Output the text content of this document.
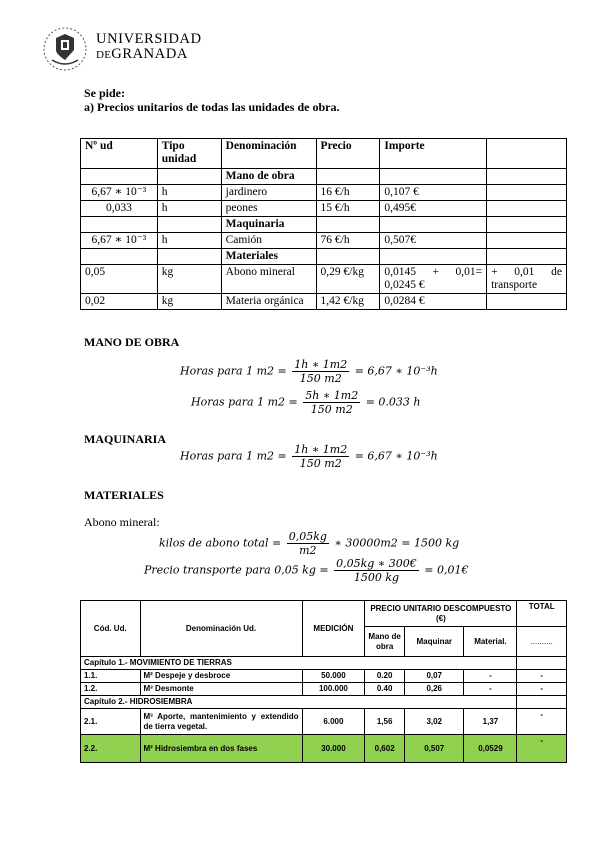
UNIVERSIDAD
DEGRANADA
Se pide:
a) Precios unitarios de todas las unidades de obra.
Nº ud	Tipo unidad	Denominación	Precio	Importe	
		Mano de obra			
6,67 ∗ 10⁻³	h	jardinero	16 €/h	0,107 €	
0,033	h	peones	15 €/h	0,495€	
		Maquinaria			
6,67 ∗ 10⁻³	h	Camión	76 €/h	0,507€	
		Materiales			
0,05	kg	Abono mineral	0,29 €/kg	0,0145 + 0,01= 0,0245 €	+ 0,01 de transporte
0,02	kg	Materia orgánica	1,42 €/kg	0,0284 €	
MANO DE OBRA
Horas para 1 $m2 = \frac{1h ∗ 1m2}{150 m2} = 6,67$ ∗ 10⁻³h
Horas para 1 $m2 = \frac{5h ∗ 1m2}{150 m2} = 0.033$ h
MAQUINARIA
Horas para 1 $m2 = \frac{1h ∗ 1m2}{150 m2} = 6,67$ ∗ 10⁻³h
MATERIALES
Abono mineral:
kilos de abono total = $\frac{0,05kg}{m2}$ ∗ 30000m2 = 1500 kg
Precio transporte para 0,05 kg = $\frac{0,05kg ∗ 300€}{1500 kg}$ = 0,01€
Cód. Ud.	Denominación Ud.	MEDICIÓN	PRECIO UNITARIO DESCOMPUESTO (€)			TOTAL
			Mano de obra	Maquinar	Material.	..........
Capítulo 1.- MOVIMIENTO DE TIERRAS						
1.1.	M² Despeje y desbroce	50.000	0.20	0,07	-	-
1.2.	M³ Desmonte	100.000	0.40	0,26	-	-
Capítulo 2.- HIDROSIEMBRA						
2.1.	M³ Aporte, mantenimiento y extendido de tierra vegetal.	6.000	1,56	3,02	1,37	-
2.2.	M² Hidrosiembra en dos fases	30.000	0,602	0,507	0,0529	-
